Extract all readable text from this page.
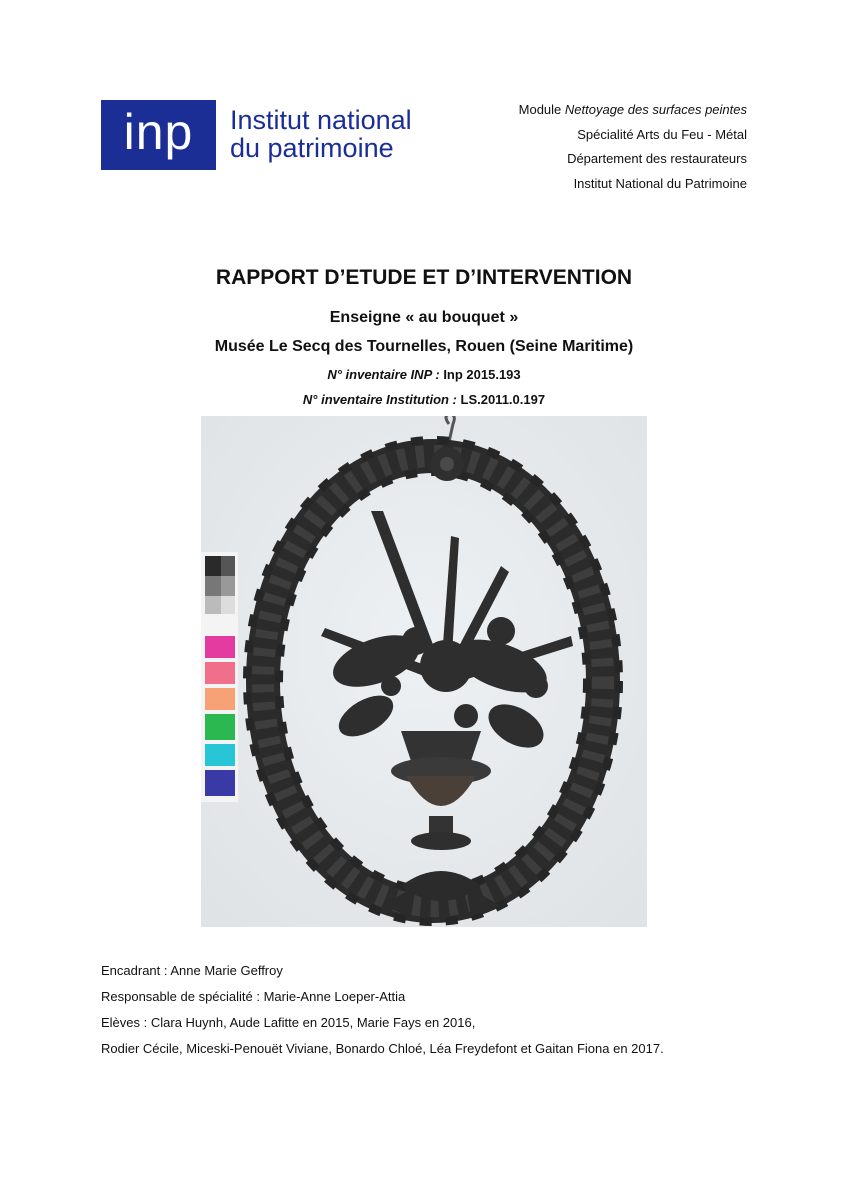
inp	Institut national
du patrimoine
Module Nettoyage des surfaces peintes
Spécialité Arts du Feu - Métal
Département des restaurateurs
Institut National du Patrimoine
RAPPORT D’ETUDE ET D’INTERVENTION
Enseigne « au bouquet »
Musée Le Secq des Tournelles, Rouen (Seine Maritime)
N° inventaire INP : Inp 2015.193
N° inventaire Institution : LS.2011.0.197
Encadrant : Anne Marie Geffroy
Responsable de spécialité : Marie-Anne Loeper-Attia
Elèves : Clara Huynh, Aude Lafitte en 2015, Marie Fays en 2016,
Rodier Cécile, Miceski-Penouët Viviane, Bonardo Chloé, Léa Freydefont et Gaitan Fiona en 2017.
